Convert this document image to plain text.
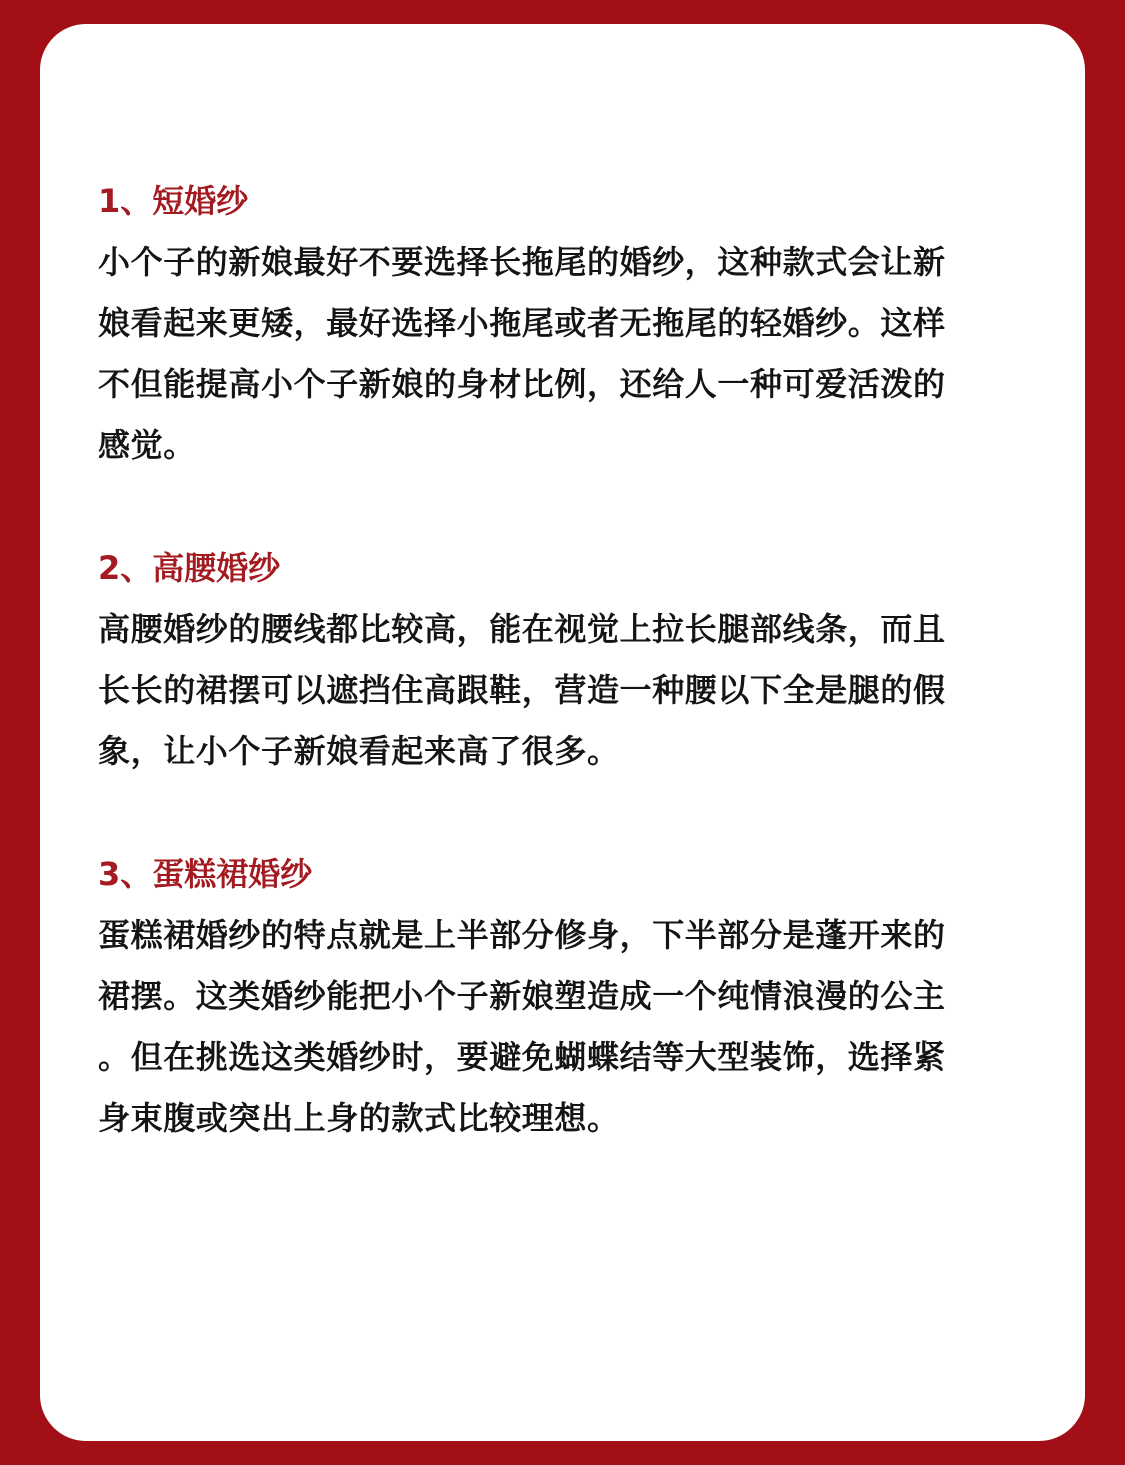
1、短婚纱
小个子的新娘最好不要选择长拖尾的婚纱，这种款式会让新
娘看起来更矮，最好选择小拖尾或者无拖尾的轻婚纱。这样
不但能提高小个子新娘的身材比例，还给人一种可爱活泼的
感觉。
2、高腰婚纱
高腰婚纱的腰线都比较高，能在视觉上拉长腿部线条，而且
长长的裙摆可以遮挡住高跟鞋，营造一种腰以下全是腿的假
象，让小个子新娘看起来高了很多。
3、蛋糕裙婚纱
蛋糕裙婚纱的特点就是上半部分修身，下半部分是蓬开来的
裙摆。这类婚纱能把小个子新娘塑造成一个纯情浪漫的公主
。但在挑选这类婚纱时，要避免蝴蝶结等大型装饰，选择紧
身束腹或突出上身的款式比较理想。
